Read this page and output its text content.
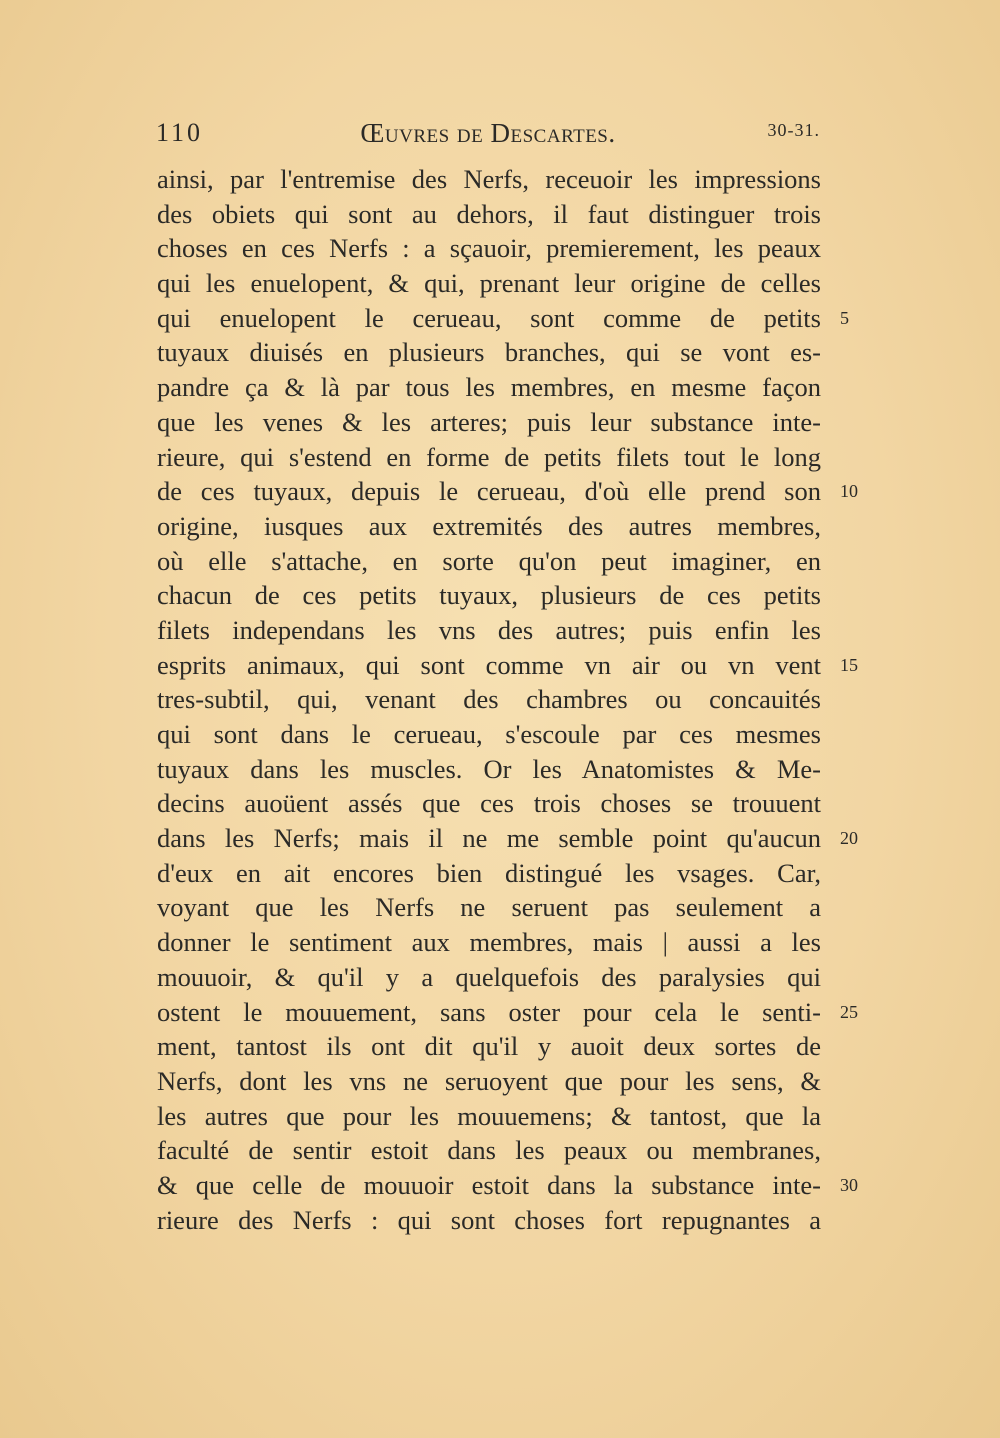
110	Œuvres de Descartes.	30-31.
ainsi, par l'entremise des Nerfs, receuoir les impressions
des obiets qui sont au dehors, il faut distinguer trois
choses en ces Nerfs : a sçauoir, premierement, les peaux
qui les enuelopent, & qui, prenant leur origine de celles
qui enuelopent le cerueau, sont comme de petits
tuyaux diuisés en plusieurs branches, qui se vont es-
pandre ça & là par tous les membres, en mesme façon
que les venes & les arteres; puis leur substance inte-
rieure, qui s'estend en forme de petits filets tout le long
de ces tuyaux, depuis le cerueau, d'où elle prend son
origine, iusques aux extremités des autres membres,
où elle s'attache, en sorte qu'on peut imaginer, en
chacun de ces petits tuyaux, plusieurs de ces petits
filets independans les vns des autres; puis enfin les
esprits animaux, qui sont comme vn air ou vn vent
tres-subtil, qui, venant des chambres ou concauités
qui sont dans le cerueau, s'escoule par ces mesmes
tuyaux dans les muscles. Or les Anatomistes & Me-
decins auoüent assés que ces trois choses se trouuent
dans les Nerfs; mais il ne me semble point qu'aucun
d'eux en ait encores bien distingué les vsages. Car,
voyant que les Nerfs ne seruent pas seulement a
donner le sentiment aux membres, mais | aussi a les
mouuoir, & qu'il y a quelquefois des paralysies qui
ostent le mouuement, sans oster pour cela le senti-
ment, tantost ils ont dit qu'il y auoit deux sortes de
Nerfs, dont les vns ne seruoyent que pour les sens, &
les autres que pour les mouuemens; & tantost, que la
faculté de sentir estoit dans les peaux ou membranes,
& que celle de mouuoir estoit dans la substance inte-
rieure des Nerfs : qui sont choses fort repugnantes a
5
10
15
20
25
30
